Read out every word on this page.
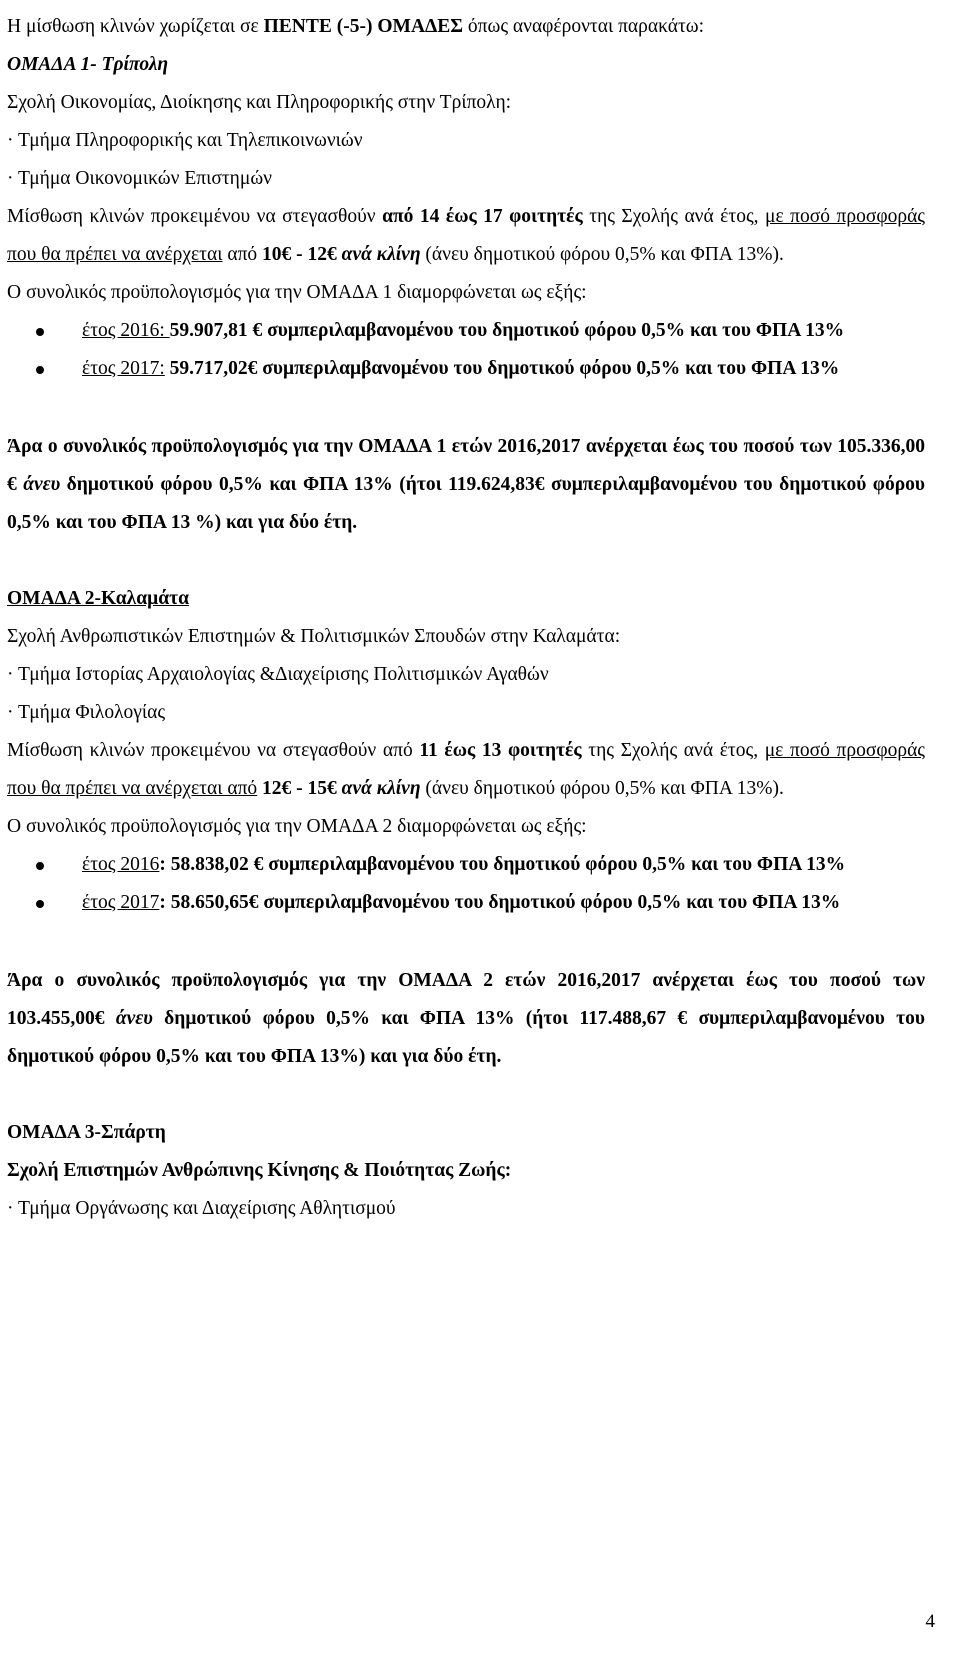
Η μίσθωση κλινών χωρίζεται σε ΠΕΝΤΕ (-5-) ΟΜΑΔΕΣ όπως αναφέρονται παρακάτω:

ΟΜΑΔΑ 1- Τρίπολη

Σχολή Οικονομίας, Διοίκησης και Πληροφορικής στην Τρίπολη:

· Τμήμα Πληροφορικής και Τηλεπικοινωνιών

· Τμήμα Οικονομικών Επιστημών

Μίσθωση κλινών προκειμένου να στεγασθούν από 14 έως 17 φοιτητές της Σχολής ανά έτος, με ποσό προσφοράς που θα πρέπει να ανέρχεται από 10€ - 12€ ανά κλίνη (άνευ δημοτικού φόρου 0,5% και ΦΠΑ 13%).

Ο συνολικός προϋπολογισμός για την ΟΜΑΔΑ 1 διαμορφώνεται ως εξής:

έτος 2016: 59.907,81 € συμπεριλαμβανομένου του δημοτικού φόρου 0,5% και του ΦΠΑ 13%
έτος 2017: 59.717,02€ συμπεριλαμβανομένου του δημοτικού φόρου 0,5% και του ΦΠΑ 13%

Άρα ο συνολικός προϋπολογισμός για την ΟΜΑΔΑ 1 ετών 2016,2017 ανέρχεται έως του ποσού των 105.336,00 € άνευ δημοτικού φόρου 0,5% και ΦΠΑ 13% (ήτοι 119.624,83€ συμπεριλαμβανομένου του δημοτικού φόρου 0,5% και του ΦΠΑ 13 %) και για δύο έτη.

ΟΜΑΔΑ 2-Καλαμάτα

Σχολή Ανθρωπιστικών Επιστημών & Πολιτισμικών Σπουδών στην Καλαμάτα:

· Τμήμα Ιστορίας Αρχαιολογίας &Διαχείρισης Πολιτισμικών Αγαθών

· Τμήμα Φιλολογίας

Μίσθωση κλινών προκειμένου να στεγασθούν από 11 έως 13 φοιτητές της Σχολής ανά έτος, με ποσό προσφοράς που θα πρέπει να ανέρχεται από 12€ - 15€ ανά κλίνη (άνευ δημοτικού φόρου 0,5% και ΦΠΑ 13%).

Ο συνολικός προϋπολογισμός για την ΟΜΑΔΑ 2 διαμορφώνεται ως εξής:

έτος 2016: 58.838,02 € συμπεριλαμβανομένου του δημοτικού φόρου 0,5% και του ΦΠΑ 13%
έτος 2017: 58.650,65€ συμπεριλαμβανομένου του δημοτικού φόρου 0,5% και του ΦΠΑ 13%

Άρα ο συνολικός προϋπολογισμός για την ΟΜΑΔΑ 2 ετών 2016,2017 ανέρχεται έως του ποσού των 103.455,00€ άνευ δημοτικού φόρου 0,5% και ΦΠΑ 13% (ήτοι 117.488,67 € συμπεριλαμβανομένου του δημοτικού φόρου 0,5% και του ΦΠΑ 13%) και για δύο έτη.

ΟΜΑΔΑ 3-Σπάρτη

Σχολή Επιστημών Ανθρώπινης Κίνησης & Ποιότητας Ζωής:

· Τμήμα Οργάνωσης και Διαχείρισης Αθλητισμού

4
